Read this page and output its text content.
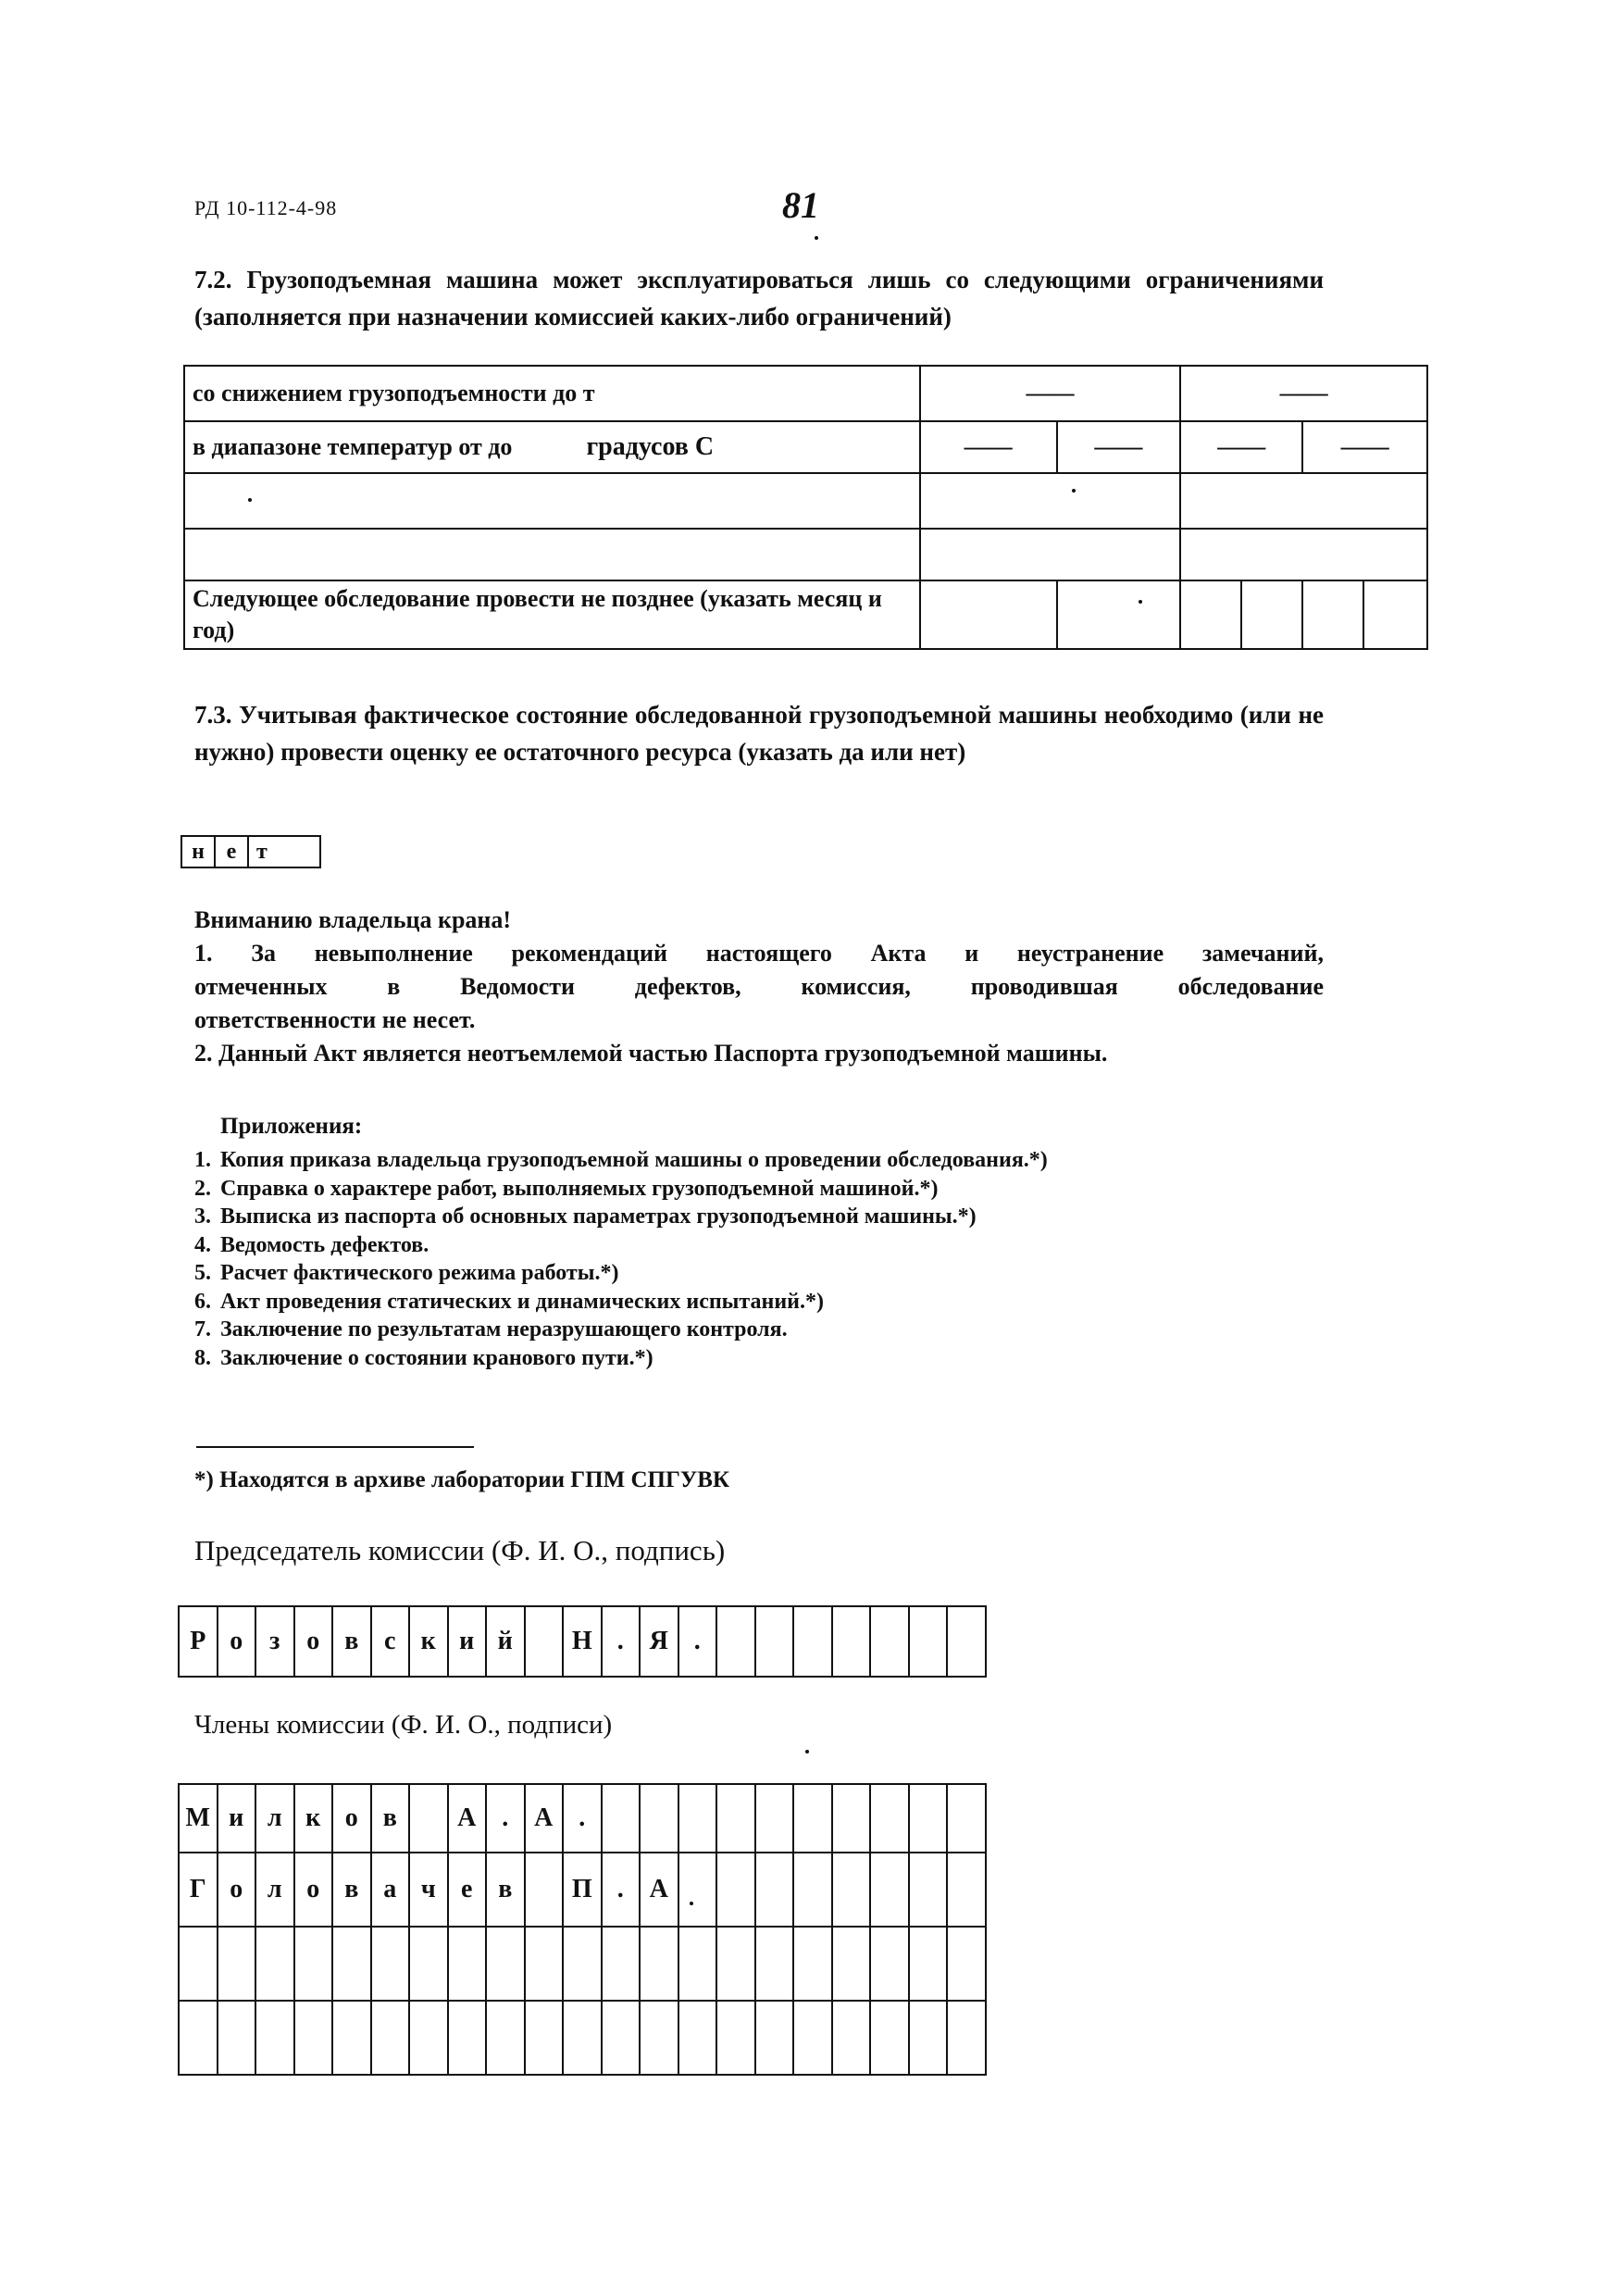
РД 10-112-4-98	81
7.2. Грузоподъемная машина может эксплуатироваться лишь со следующими ограничениями (заполняется при назначении комиссией каких-либо ограничений)
со снижением грузоподъемности до т	——		——			
в диапазоне температур от до градусов С	——	——	——		——	

Следующее обследование провести не позднее (указать месяц и год)						
7.3. Учитывая фактическое состояние обследованной грузоподъемной машины необходимо (или не нужно) провести оценку ее остаточного ресурса (указать да или нет)
н	е	т
Вниманию владельца крана!
1. За невыполнение рекомендаций настоящего Акта и неустранение замечаний,
отмеченных в Ведомости дефектов, комиссия, проводившая обследование
ответственности не несет.
2. Данный Акт является неотъемлемой частью Паспорта грузоподъемной машины.
Приложения:
1. Копия приказа владельца грузоподъемной машины о проведении обследования.*)
2. Справка о характере работ, выполняемых грузоподъемной машиной.*)
3. Выписка из паспорта об основных параметрах грузоподъемной машины.*)
4. Ведомость дефектов.
5. Расчет фактического режима работы.*)
6. Акт проведения статических и динамических испытаний.*)
7. Заключение по результатам неразрушающего контроля.
8. Заключение о состоянии кранового пути.*)
*) Находятся в архиве лаборатории ГПМ СПГУВК
Председатель комиссии (Ф. И. О., подпись)
Р	о	з	о	в	с	к	и	й		Н	.	Я	.							
Члены комиссии (Ф. И. О., подписи)
М	и	л	к	о	в		А	.	А	.										
Г	о	л	о	в	а	ч	е	в		П	.	А								
